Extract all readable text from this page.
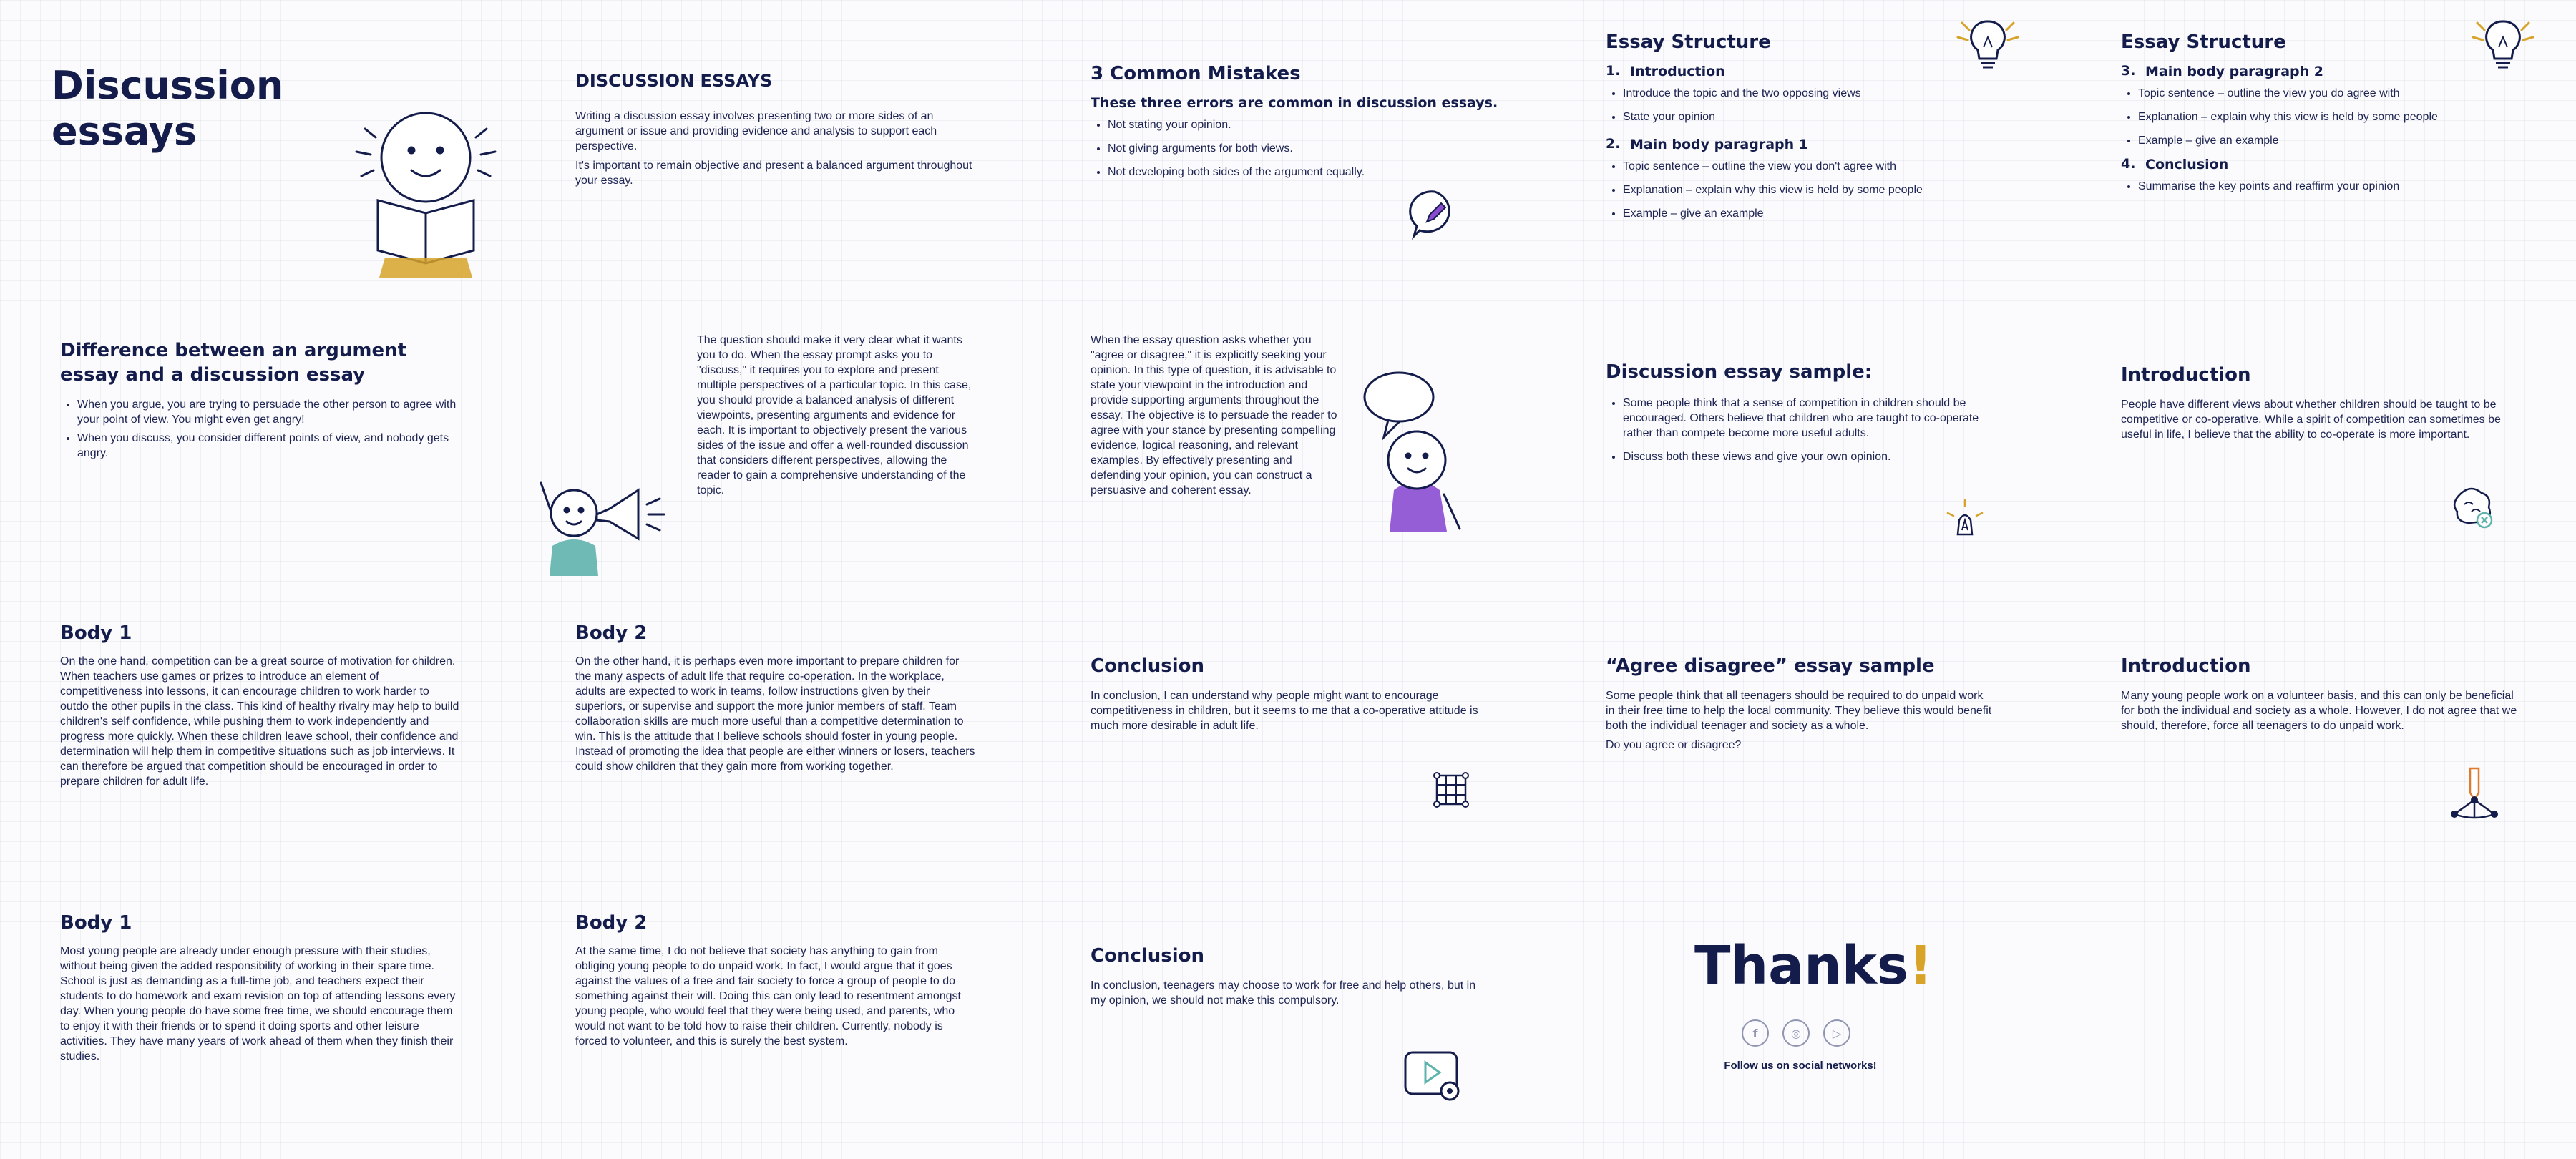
Discussion essays
DISCUSSION ESSAYS

Writing a discussion essay involves presenting two or more sides of an argument or issue and providing evidence and analysis to support each perspective.

It's important to remain objective and present a balanced argument throughout your essay.

3 Common Mistakes

These three errors are common in discussion essays.

• Not stating your opinion.
• Not giving arguments for both views.
• Not developing both sides of the argument equally.
Essay Structure
1. Introduction
• Introduce the topic and the two opposing views
• State your opinion
2. Main body paragraph 1
• Topic sentence – outline the view you don't agree with
• Explanation – explain why this view is held by some people
• Example – give an example
Essay Structure
3. Main body paragraph 2
• Topic sentence – outline the view you do agree with
• Explanation – explain why this view is held by some people
• Example – give an example
4. Conclusion
• Summarise the key points and reaffirm your opinion
Difference between an argument essay and a discussion essay
• When you argue, you are trying to persuade the other person to agree with your point of view. You might even get angry!
• When you discuss, you consider different points of view, and nobody gets angry.
The question should make it very clear what it wants you to do. When the essay prompt asks you to "discuss," it requires you to explore and present multiple perspectives of a particular topic. In this case, you should provide a balanced analysis of different viewpoints, presenting arguments and evidence for each. It is important to objectively present the various sides of the issue and offer a well-rounded discussion that considers different perspectives, allowing the reader to gain a comprehensive understanding of the topic.
When the essay question asks whether you "agree or disagree," it is explicitly seeking your opinion. In this type of question, it is advisable to state your viewpoint in the introduction and provide supporting arguments throughout the essay. The objective is to persuade the reader to agree with your stance by presenting compelling evidence, logical reasoning, and relevant examples. By effectively presenting and defending your opinion, you can construct a persuasive and coherent essay.
Discussion essay sample:
• Some people think that a sense of competition in children should be encouraged. Others believe that children who are taught to co-operate rather than compete become more useful adults.
• Discuss both these views and give your own opinion.
Introduction
People have different views about whether children should be taught to be competitive or co-operative. While a spirit of competition can sometimes be useful in life, I believe that the ability to co-operate is more important.
Body 1
On the one hand, competition can be a great source of motivation for children. When teachers use games or prizes to introduce an element of competitiveness into lessons, it can encourage children to work harder to outdo the other pupils in the class. This kind of healthy rivalry may help to build children's self confidence, while pushing them to work independently and progress more quickly. When these children leave school, their confidence and determination will help them in competitive situations such as job interviews. It can therefore be argued that competition should be encouraged in order to prepare children for adult life.
Body 2
On the other hand, it is perhaps even more important to prepare children for the many aspects of adult life that require co-operation. In the workplace, adults are expected to work in teams, follow instructions given by their superiors, or supervise and support the more junior members of staff. Team collaboration skills are much more useful than a competitive determination to win. This is the attitude that I believe schools should foster in young people. Instead of promoting the idea that people are either winners or losers, teachers could show children that they gain more from working together.
Conclusion
In conclusion, I can understand why people might want to encourage competitiveness in children, but it seems to me that a co-operative attitude is much more desirable in adult life.
“Agree disagree” essay sample

Some people think that all teenagers should be required to do unpaid work in their free time to help the local community. They believe this would benefit both the individual teenager and society as a whole.

Do you agree or disagree?

Introduction
Many young people work on a volunteer basis, and this can only be beneficial for both the individual and society as a whole. However, I do not agree that we should, therefore, force all teenagers to do unpaid work.
Body 1
Most young people are already under enough pressure with their studies, without being given the added responsibility of working in their spare time. School is just as demanding as a full-time job, and teachers expect their students to do homework and exam revision on top of attending lessons every day. When young people do have some free time, we should encourage them to enjoy it with their friends or to spend it doing sports and other leisure activities. They have many years of work ahead of them when they finish their studies.
Body 2
At the same time, I do not believe that society has anything to gain from obliging young people to do unpaid work. In fact, I would argue that it goes against the values of a free and fair society to force a group of people to do something against their will. Doing this can only lead to resentment amongst young people, who would feel that they were being used, and parents, who would not want to be told how to raise their children. Currently, nobody is forced to volunteer, and this is surely the best system.
Conclusion
In conclusion, teenagers may choose to work for free and help others, but in my opinion, we should not make this compulsory.
Thanks!
f	◎	▷

Follow us on social networks!
